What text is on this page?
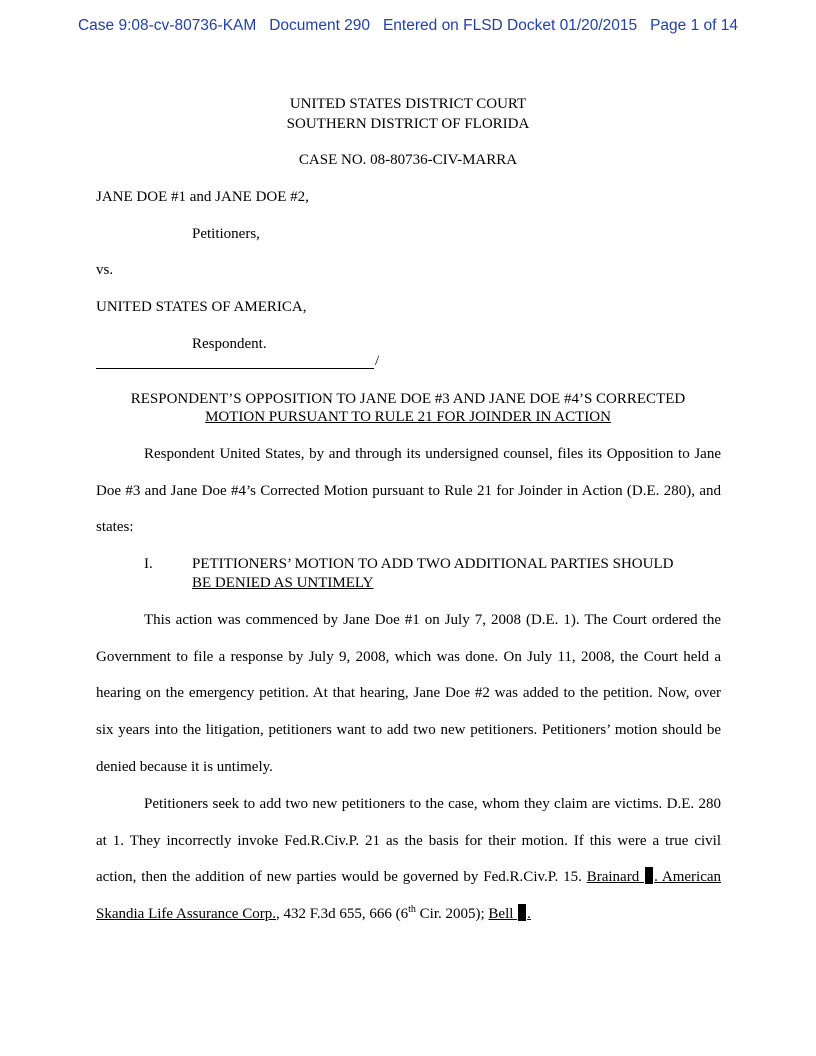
Case 9:08-cv-80736-KAM Document 290 Entered on FLSD Docket 01/20/2015 Page 1 of 14
UNITED STATES DISTRICT COURT
SOUTHERN DISTRICT OF FLORIDA
CASE NO. 08-80736-CIV-MARRA
JANE DOE #1 and JANE DOE #2,
Petitioners,
vs.
UNITED STATES OF AMERICA,
Respondent.
/
RESPONDENT’S OPPOSITION TO JANE DOE #3 AND JANE DOE #4’S CORRECTED
MOTION PURSUANT TO RULE 21 FOR JOINDER IN ACTION

Respondent United States, by and through its undersigned counsel, files its Opposition to Jane Doe #3 and Jane Doe #4’s Corrected Motion pursuant to Rule 21 for Joinder in Action (D.E. 280), and states:

I.	PETITIONERS’ MOTION TO ADD TWO ADDITIONAL PARTIES SHOULD
BE DENIED AS UNTIMELY

This action was commenced by Jane Doe #1 on July 7, 2008 (D.E. 1). The Court ordered the Government to file a response by July 9, 2008, which was done. On July 11, 2008, the Court held a hearing on the emergency petition. At that hearing, Jane Doe #2 was added to the petition. Now, over six years into the litigation, petitioners want to add two new petitioners. Petitioners’ motion should be denied because it is untimely.

Petitioners seek to add two new petitioners to the case, whom they claim are victims. D.E. 280 at 1. They incorrectly invoke Fed.R.Civ.P. 21 as the basis for their motion. If this were a true civil action, then the addition of new parties would be governed by Fed.R.Civ.P. 15. Brainard . American Skandia Life Assurance Corp., 432 F.3d 655, 666 (6th Cir. 2005); Bell .
